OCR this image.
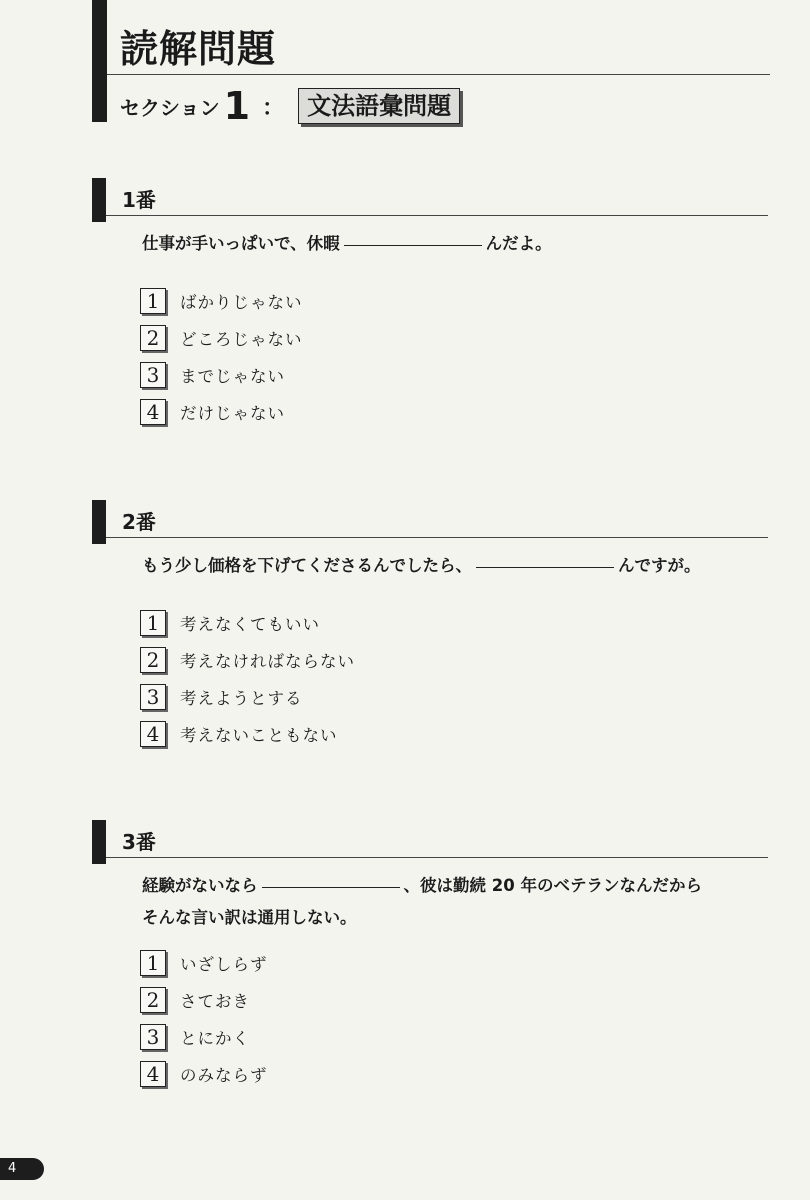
読解問題
セクション 1 ： 文法語彙問題
1番
仕事が手いっぱいで、休暇	んだよ。
1	ばかりじゃない
2	どころじゃない
3	までじゃない
4	だけじゃない
2番
もう少し価格を下げてくださるんでしたら、	んですが。
1	考えなくてもいい
2	考えなければならない
3	考えようとする
4	考えないこともない
3番
経験がないなら	、彼は勤続 20 年のベテランなんだから
そんな言い訳は通用しない。
1	いざしらず
2	さておき
3	とにかく
4	のみならず
4
